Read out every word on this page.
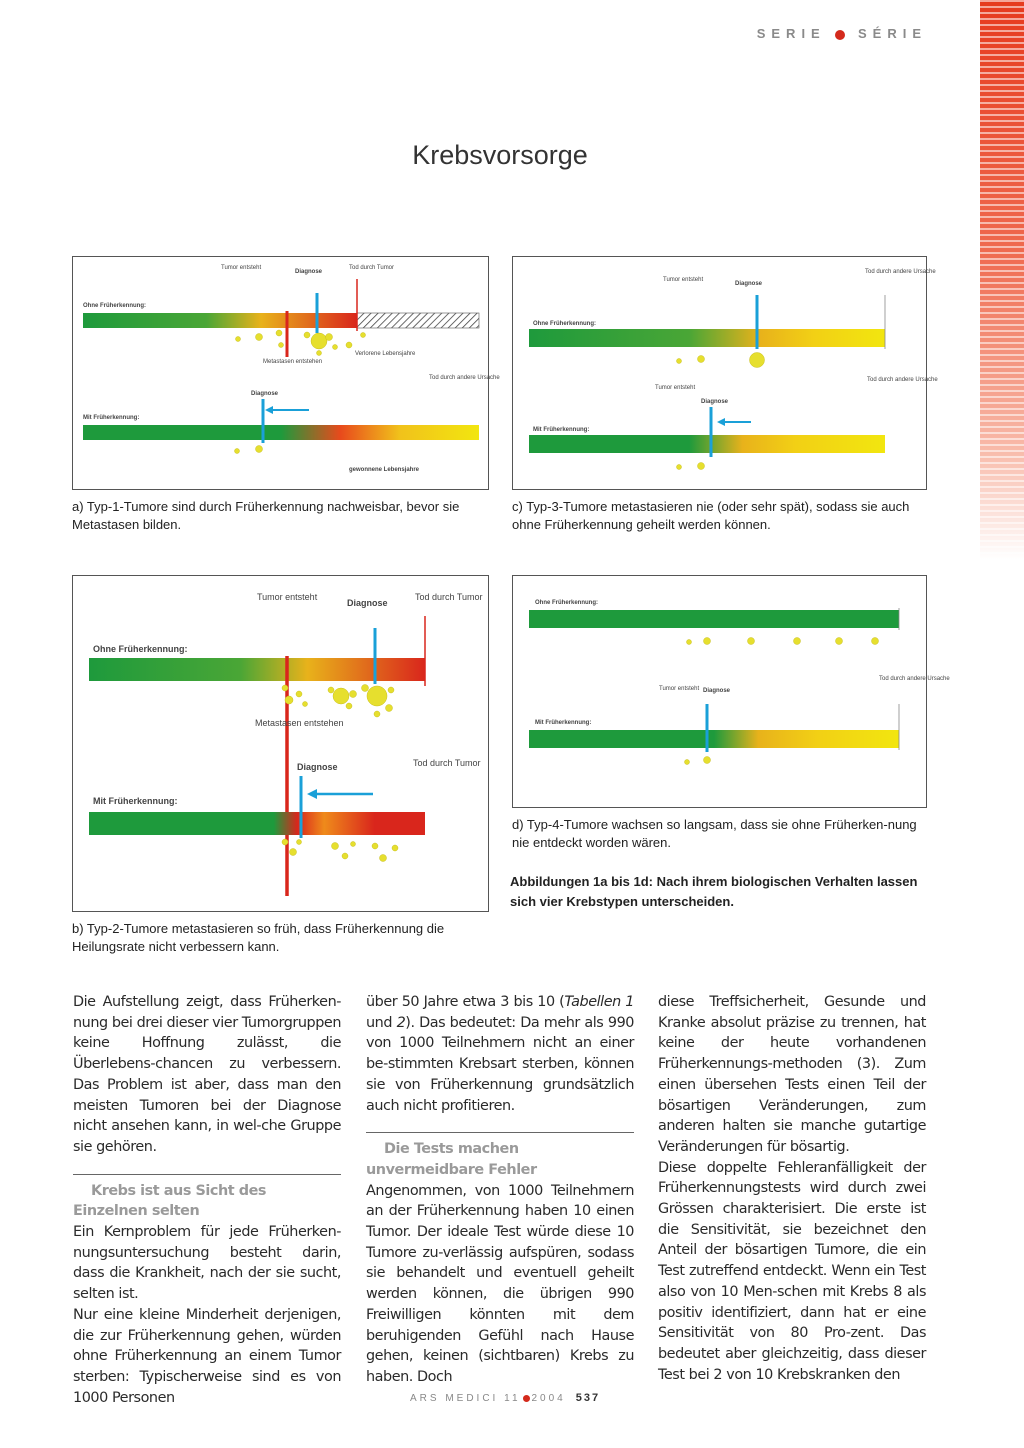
SERIE SÉRIE
Krebsvorsorge
Tumor entsteht
Diagnose
Tod durch Tumor
Ohne Früherkennung:
Metastasen entstehen
Verlorene Lebensjahre
Tod durch andere Ursache
Diagnose
Mit Früherkennung:
gewonnene Lebensjahre
a) Typ-1-Tumore sind durch Früherkennung nachweisbar, bevor sie Metastasen bilden.
Tumor entsteht
Diagnose
Tod durch andere Ursache
Ohne Früherkennung:
Tumor entsteht
Diagnose
Tod durch andere Ursache
Mit Früherkennung:
c) Typ-3-Tumore metastasieren nie (oder sehr spät), sodass sie auch ohne Früherkennung geheilt werden können.
Tumor entsteht
Diagnose
Tod durch Tumor
Ohne Früherkennung:
Metastasen entstehen
Diagnose	Tod durch Tumor
Mit Früherkennung:
b) Typ-2-Tumore metastasieren so früh, dass Früherkennung die Heilungsrate nicht verbessern kann.
Ohne Früherkennung:
Tod durch andere Ursache
Tumor entsteht Diagnose
Mit Früherkennung:
d) Typ-4-Tumore wachsen so langsam, dass sie ohne Früherken-nung nie entdeckt worden wären.
Abbildungen 1a bis 1d: Nach ihrem biologischen Verhalten lassen sich vier Krebstypen unterscheiden.

Die Aufstellung zeigt, dass Früherken-nung bei drei dieser vier Tumorgruppen keine Hoffnung zulässt, die Überlebens-chancen zu verbessern. Das Problem ist aber, dass man den meisten Tumoren bei der Diagnose nicht ansehen kann, in wel-che Gruppe sie gehören.

Krebs ist aus Sicht des Einzelnen selten

Ein Kernproblem für jede Früherken-nungsuntersuchung besteht darin, dass die Krankheit, nach der sie sucht, selten ist.

Nur eine kleine Minderheit derjenigen, die zur Früherkennung gehen, würden ohne Früherkennung an einem Tumor sterben: Typischerweise sind es von 1000 Personen

über 50 Jahre etwa 3 bis 10 (Tabellen 1 und 2). Das bedeutet: Da mehr als 990 von 1000 Teilnehmern nicht an einer be-stimmten Krebsart sterben, können sie von Früherkennung grundsätzlich auch nicht profitieren.

Die Tests machen unvermeidbare Fehler

Angenommen, von 1000 Teilnehmern an der Früherkennung haben 10 einen Tumor. Der ideale Test würde diese 10 Tumore zu-verlässig aufspüren, sodass sie behandelt und eventuell geheilt werden können, die übrigen 990 Freiwilligen könnten mit dem beruhigenden Gefühl nach Hause gehen, keinen (sichtbaren) Krebs zu haben. Doch

diese Treffsicherheit, Gesunde und Kranke absolut präzise zu trennen, hat keine der heute vorhandenen Früherkennungs-methoden (3). Zum einen übersehen Tests einen Teil der bösartigen Veränderungen, zum anderen halten sie manche gutartige Veränderungen für bösartig.

Diese doppelte Fehleranfälligkeit der Früherkennungstests wird durch zwei Grössen charakterisiert. Die erste ist die Sensitivität, sie bezeichnet den Anteil der bösartigen Tumore, die ein Test zutreffend entdeckt. Wenn ein Test also von 10 Men-schen mit Krebs 8 als positiv identifiziert, dann hat er eine Sensitivität von 80 Pro-zent. Das bedeutet aber gleichzeitig, dass dieser Test bei 2 von 10 Krebskranken den

ARS MEDICI 11 2004 537
